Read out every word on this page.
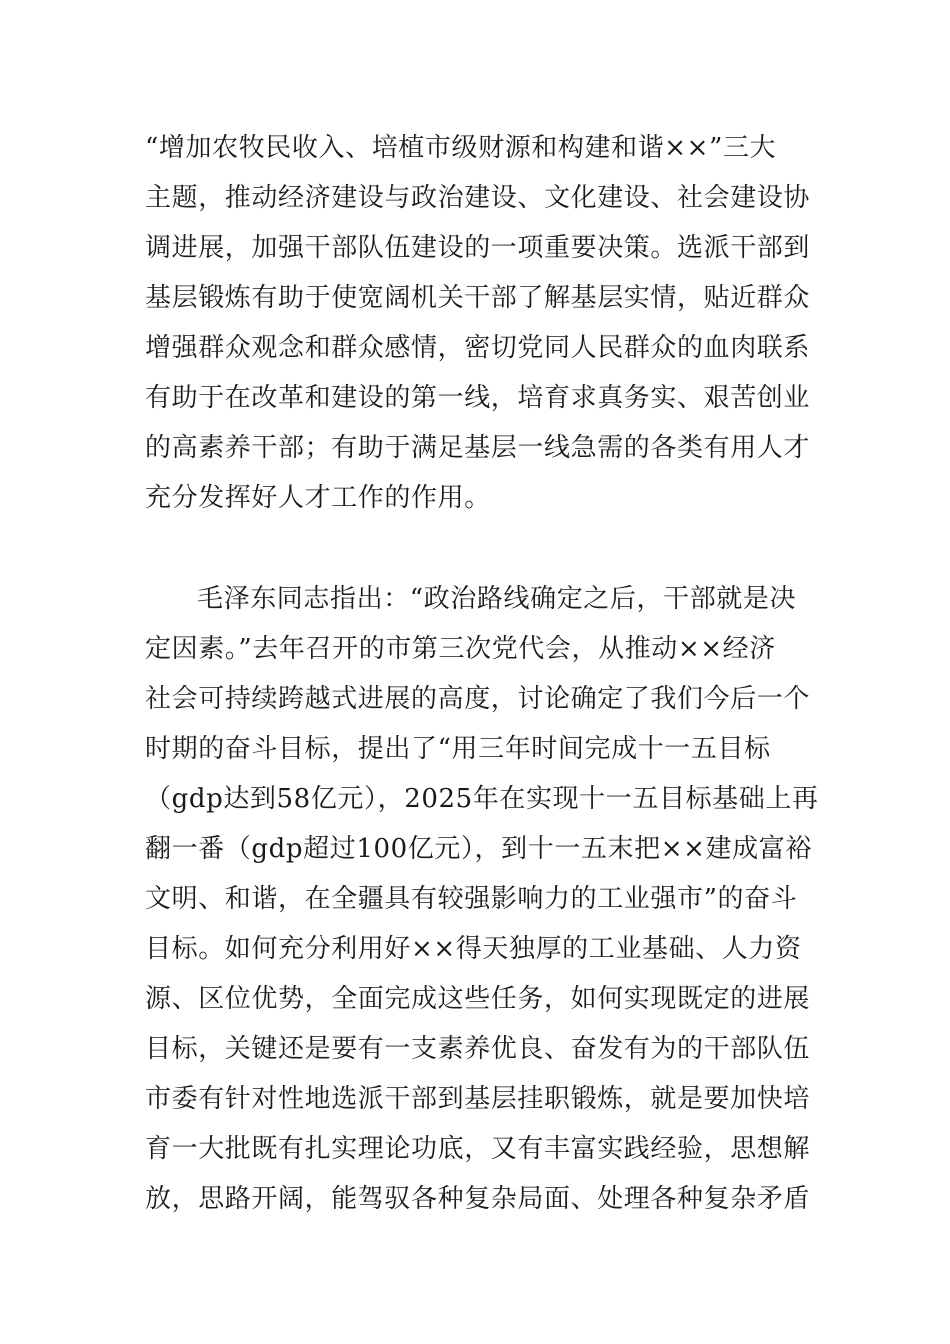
“增加农牧民收入、培植市级财源和构建和谐××”三大
主题，推动经济建设与政治建设、文化建设、社会建设协
调进展，加强干部队伍建设的一项重要决策。选派干部到
基层锻炼有助于使宽阔机关干部了解基层实情，贴近群众
增强群众观念和群众感情，密切党同人民群众的血肉联系
有助于在改革和建设的第一线，培育求真务实、艰苦创业
的高素养干部；有助于满足基层一线急需的各类有用人才
充分发挥好人才工作的作用。
毛泽东同志指出：“政治路线确定之后，干部就是决
定因素。”去年召开的市第三次党代会，从推动××经济
社会可持续跨越式进展的高度，讨论确定了我们今后一个
时期的奋斗目标，提出了“用三年时间完成十一五目标
（gdp达到58亿元），2025年在实现十一五目标基础上再
翻一番（gdp超过100亿元），到十一五末把××建成富裕
文明、和谐，在全疆具有较强影响力的工业强市”的奋斗
目标。如何充分利用好××得天独厚的工业基础、人力资
源、区位优势，全面完成这些任务，如何实现既定的进展
目标，关键还是要有一支素养优良、奋发有为的干部队伍
市委有针对性地选派干部到基层挂职锻炼，就是要加快培
育一大批既有扎实理论功底，又有丰富实践经验，思想解
放，思路开阔，能驾驭各种复杂局面、处理各种复杂矛盾
